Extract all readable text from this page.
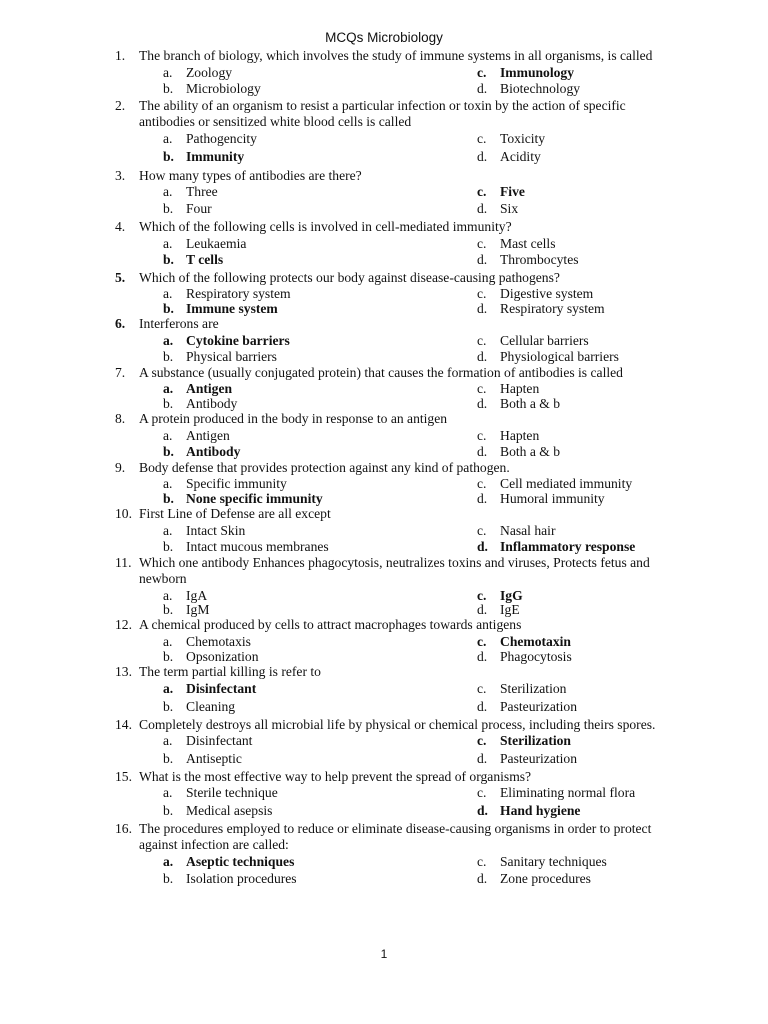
MCQs Microbiology
1. The branch of biology, which involves the study of immune systems in all organisms, is called
a. Zoology	c. Immunology
b. Microbiology	d. Biotechnology
2. The ability of an organism to resist a particular infection or toxin by the action of specific antibodies or sensitized white blood cells is called
a. Pathogencity	c. Toxicity
b. Immunity	d. Acidity
3. How many types of antibodies are there?
a. Three	c. Five
b. Four	d. Six
4. Which of the following cells is involved in cell-mediated immunity?
a. Leukaemia	c. Mast cells
b. T cells	d. Thrombocytes
5. Which of the following protects our body against disease-causing pathogens?
a. Respiratory system	c. Digestive system
b. Immune system	d. Respiratory system
6. Interferons are
a. Cytokine barriers	c. Cellular barriers
b. Physical barriers	d. Physiological barriers
7. A substance (usually conjugated protein) that causes the formation of antibodies is called
a. Antigen	c. Hapten
b. Antibody	d. Both a & b
8. A protein produced in the body in response to an antigen
a. Antigen	c. Hapten
b. Antibody	d. Both a & b
9. Body defense that provides protection against any kind of pathogen.
a. Specific immunity	c. Cell mediated immunity
b. None specific immunity	d. Humoral immunity
10. First Line of Defense are all except
a. Intact Skin	c. Nasal hair
b. Intact mucous membranes	d. Inflammatory response
11. Which one antibody Enhances phagocytosis, neutralizes toxins and viruses, Protects fetus and newborn
a. IgA	c. IgG
b. IgM	d. IgE
12. A chemical produced by cells to attract macrophages towards antigens
a. Chemotaxis	c. Chemotaxin
b. Opsonization	d. Phagocytosis
13. The term partial killing is refer to
a. Disinfectant	c. Sterilization
b. Cleaning	d. Pasteurization
14. Completely destroys all microbial life by physical or chemical process, including theirs spores.
a. Disinfectant	c. Sterilization
b. Antiseptic	d. Pasteurization
15. What is the most effective way to help prevent the spread of organisms?
a. Sterile technique	c. Eliminating normal flora
b. Medical asepsis	d. Hand hygiene
16. The procedures employed to reduce or eliminate disease-causing organisms in order to protect against infection are called:
a. Aseptic techniques	c. Sanitary techniques
b. Isolation procedures	d. Zone procedures
1
